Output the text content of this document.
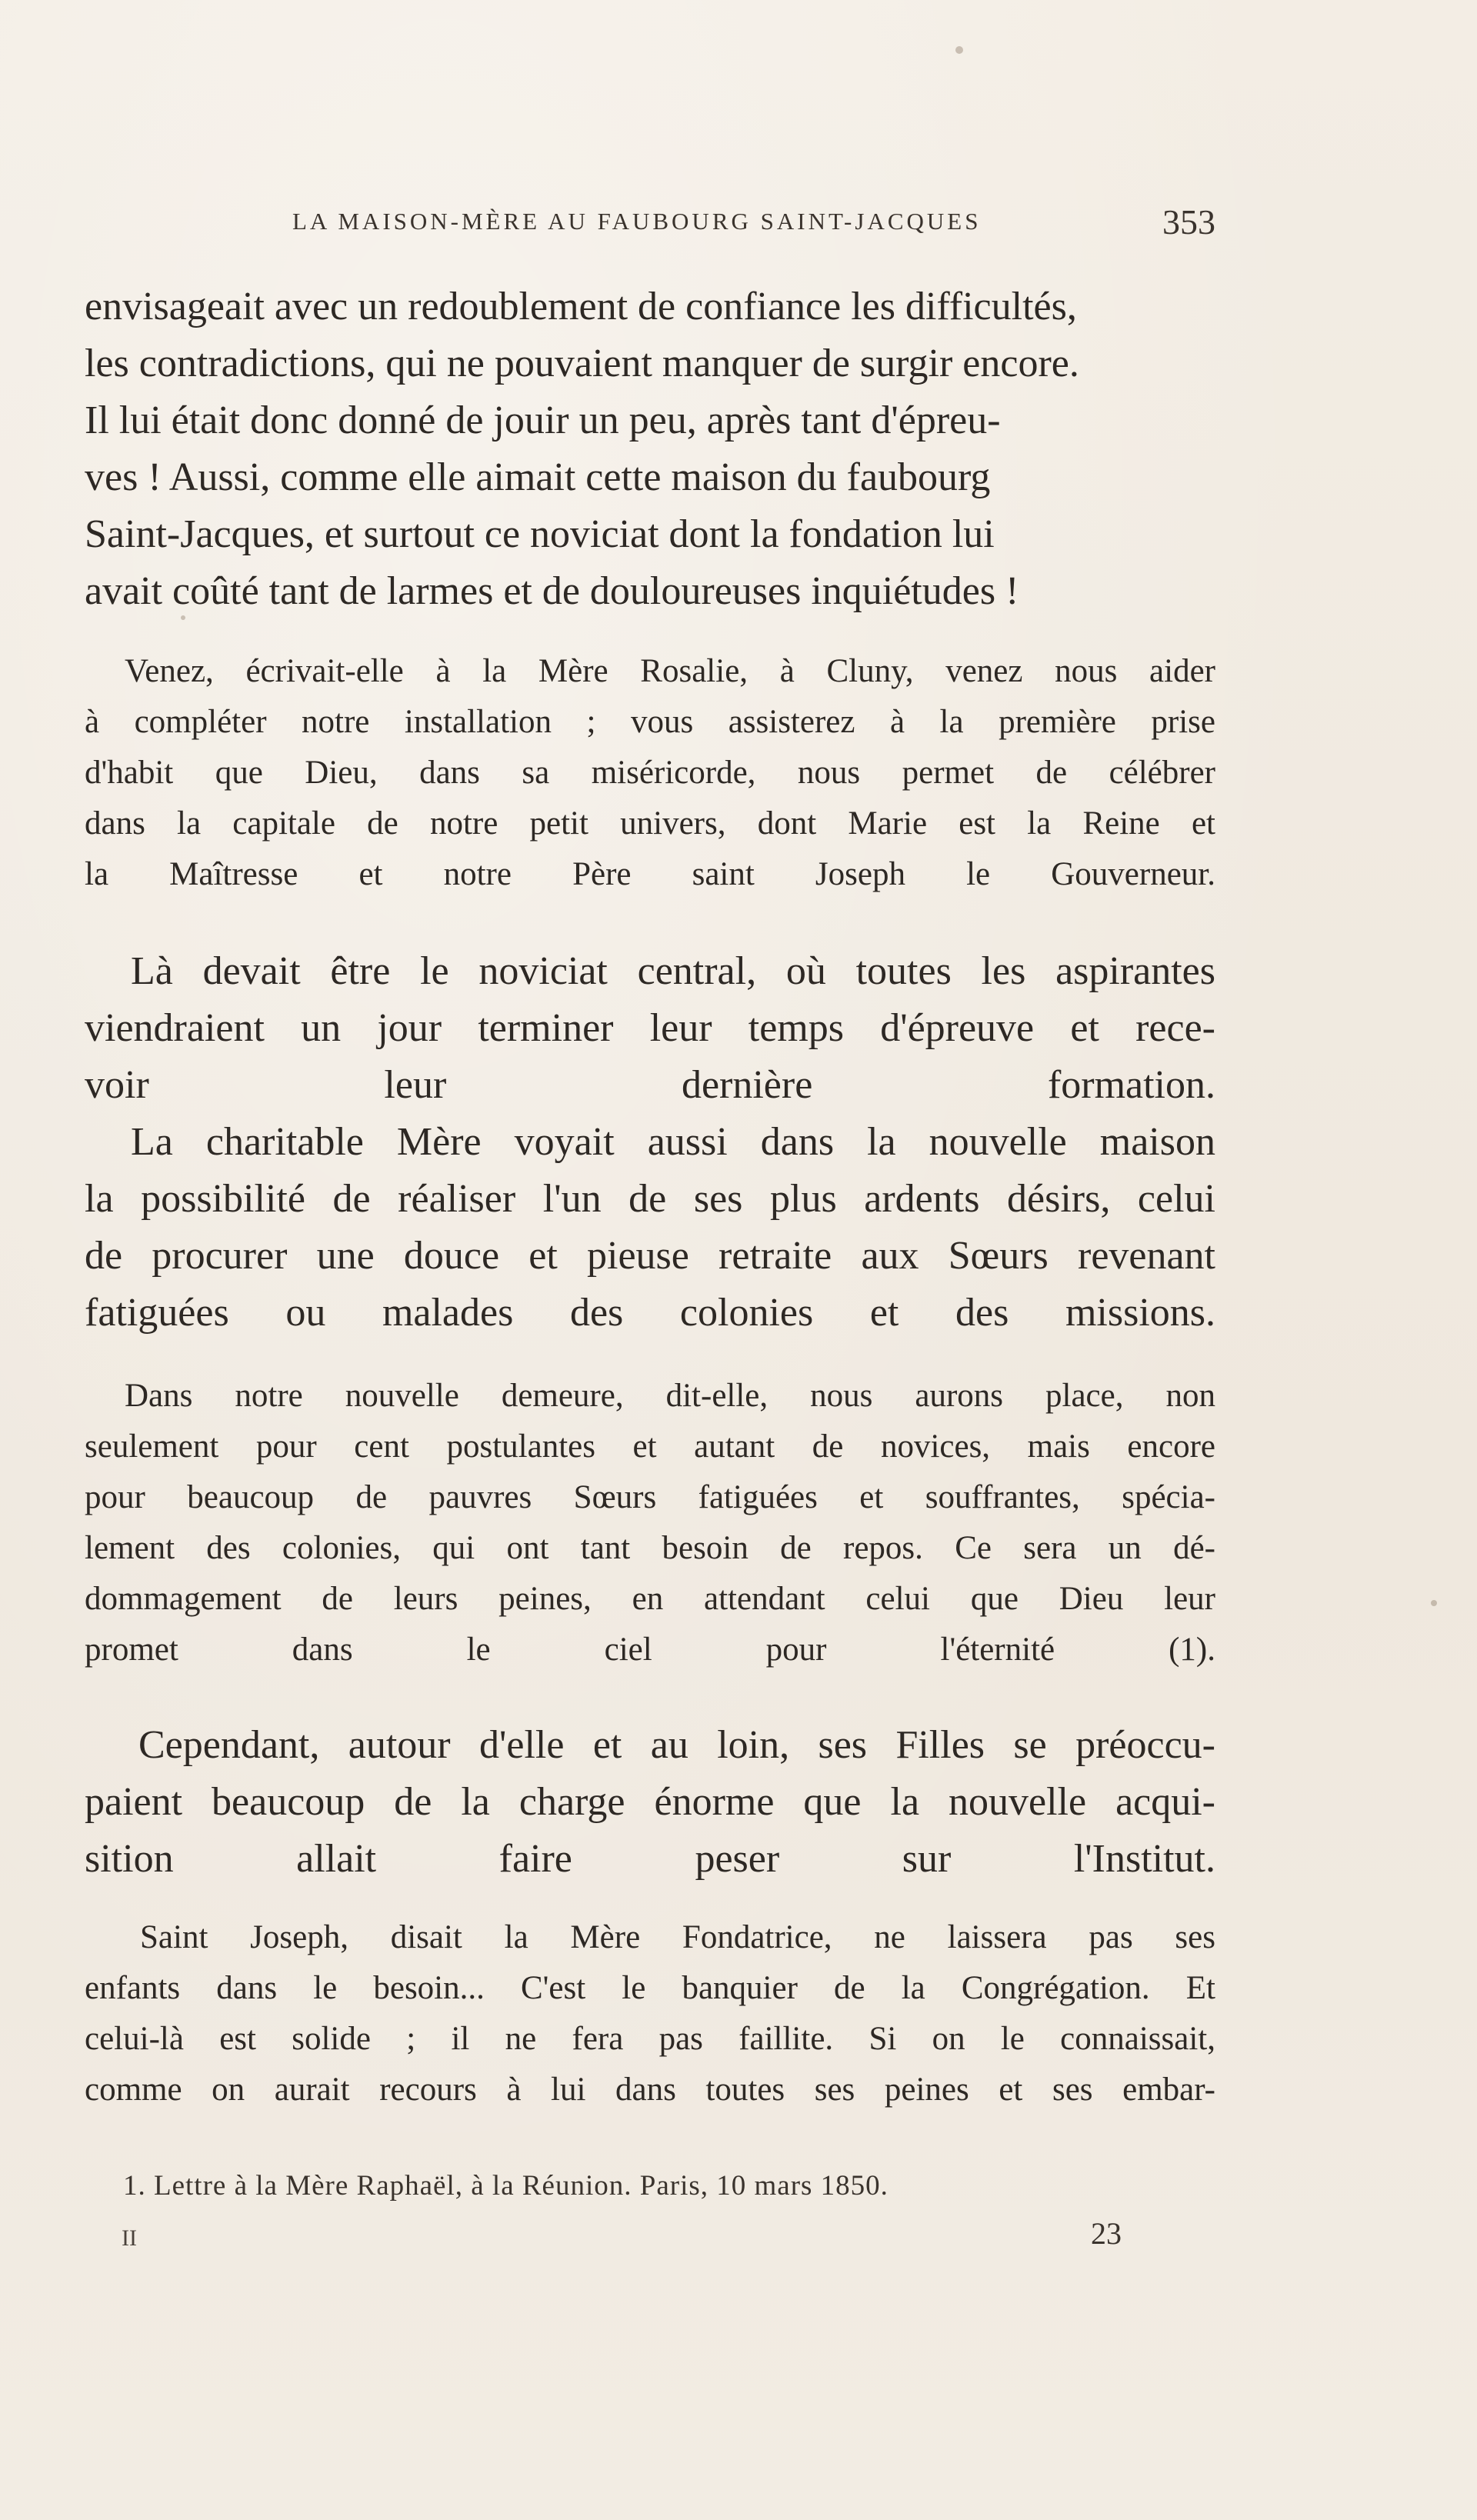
LA MAISON-MÈRE AU FAUBOURG SAINT-JACQUES	353
envisageait avec un redoublement de confiance les difficultés,
les contradictions, qui ne pouvaient manquer de surgir encore.
Il lui était donc donné de jouir un peu, après tant d'épreu-
ves ! Aussi, comme elle aimait cette maison du faubourg
Saint-Jacques, et surtout ce noviciat dont la fondation lui
avait coûté tant de larmes et de douloureuses inquiétudes !
Venez, écrivait-elle à la Mère Rosalie, à Cluny, venez nous aider
à compléter notre installation ; vous assisterez à la première prise
d'habit que Dieu, dans sa miséricorde, nous permet de célébrer
dans la capitale de notre petit univers, dont Marie est la Reine et
la Maîtresse et notre Père saint Joseph le Gouverneur.
Là devait être le noviciat central, où toutes les aspirantes
viendraient un jour terminer leur temps d'épreuve et rece-
voir leur dernière formation.
La charitable Mère voyait aussi dans la nouvelle maison
la possibilité de réaliser l'un de ses plus ardents désirs, celui
de procurer une douce et pieuse retraite aux Sœurs revenant
fatiguées ou malades des colonies et des missions.
Dans notre nouvelle demeure, dit-elle, nous aurons place, non
seulement pour cent postulantes et autant de novices, mais encore
pour beaucoup de pauvres Sœurs fatiguées et souffrantes, spécia-
lement des colonies, qui ont tant besoin de repos. Ce sera un dé-
dommagement de leurs peines, en attendant celui que Dieu leur
promet dans le ciel pour l'éternité (1).
Cependant, autour d'elle et au loin, ses Filles se préoccu-
paient beaucoup de la charge énorme que la nouvelle acqui-
sition allait faire peser sur l'Institut.
Saint Joseph, disait la Mère Fondatrice, ne laissera pas ses
enfants dans le besoin... C'est le banquier de la Congrégation. Et
celui-là est solide ; il ne fera pas faillite. Si on le connaissait,
comme on aurait recours à lui dans toutes ses peines et ses embar-
1. Lettre à la Mère Raphaël, à la Réunion. Paris, 10 mars 1850.
II	23
